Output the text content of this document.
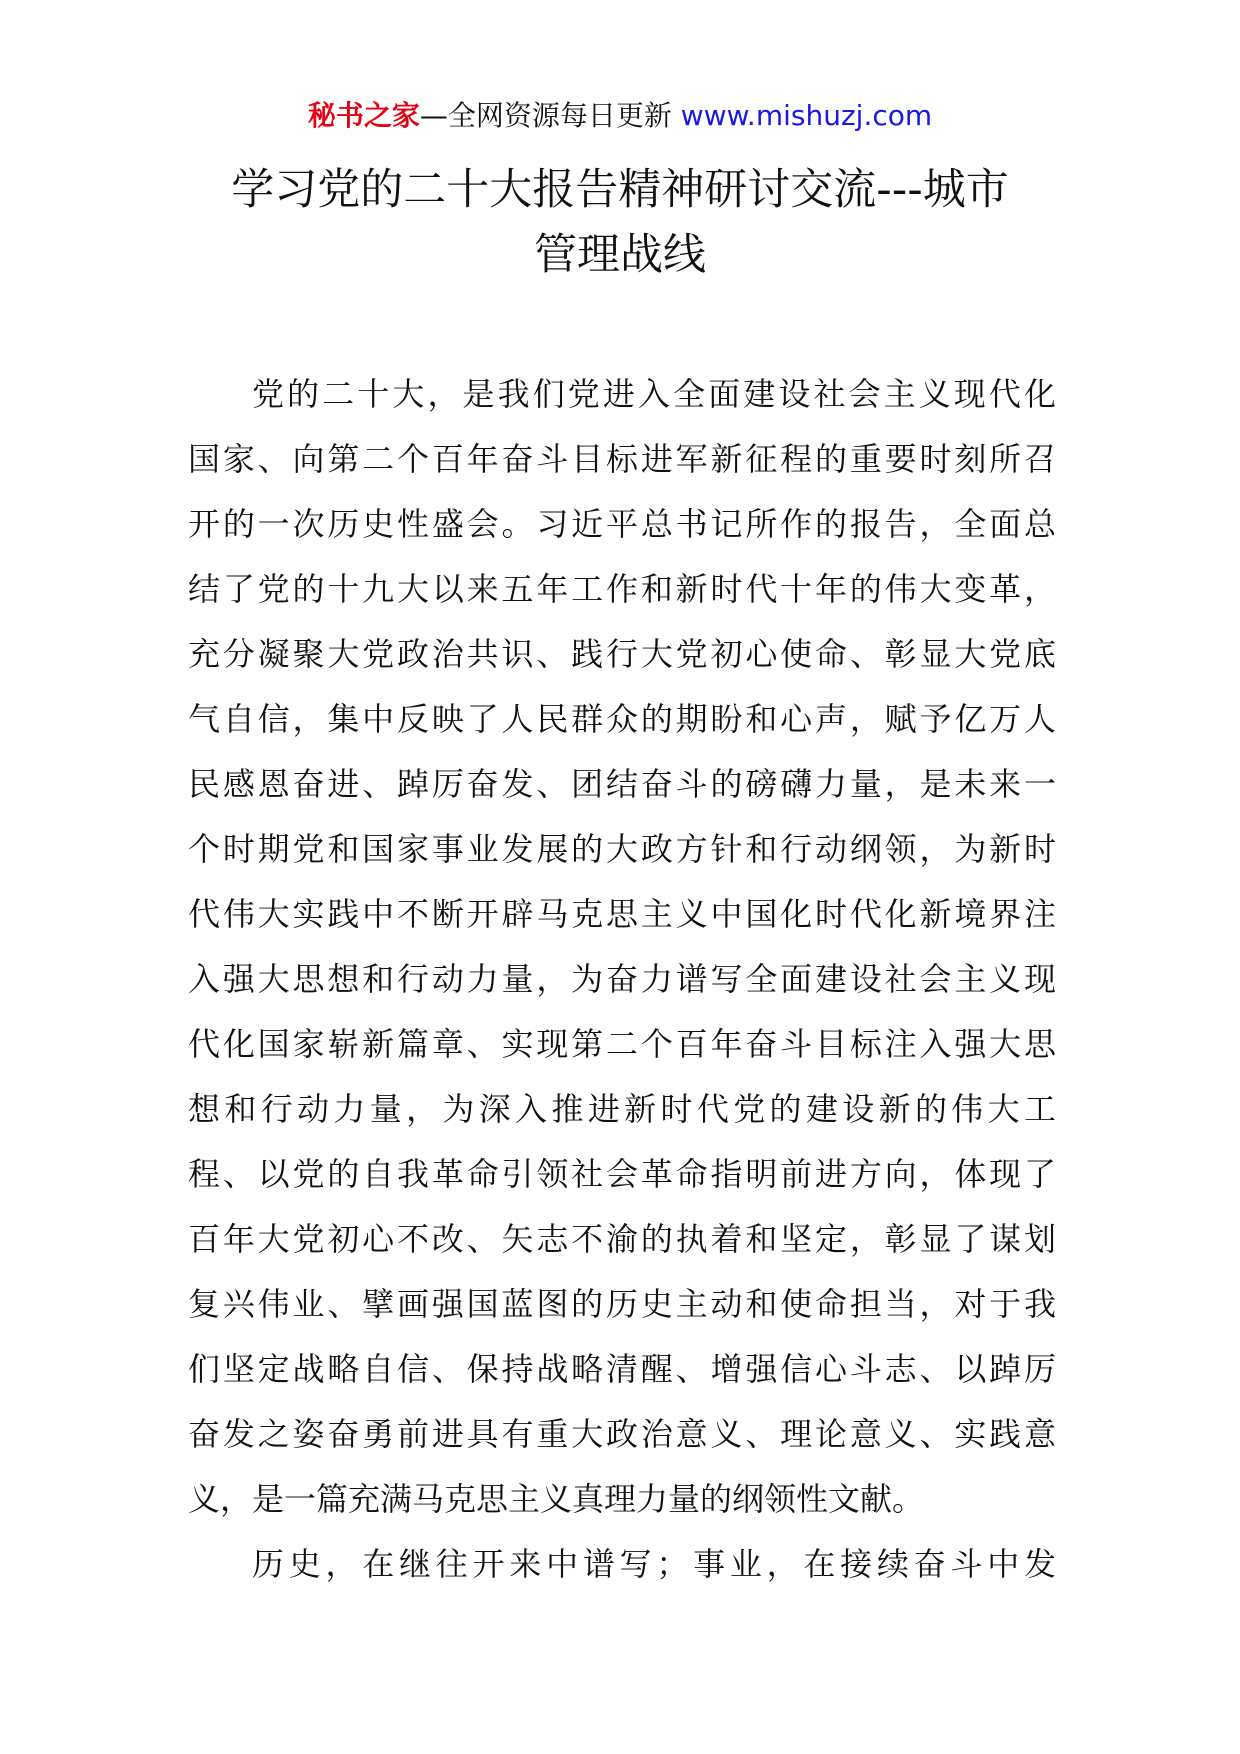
秘书之家—全网资源每日更新 www.mishuzj.com
学习党的二十大报告精神研讨交流---城市
管理战线
党的二十大，是我们党进入全面建设社会主义现代化
国家、向第二个百年奋斗目标进军新征程的重要时刻所召
开的一次历史性盛会。习近平总书记所作的报告，全面总
结了党的十九大以来五年工作和新时代十年的伟大变革，
充分凝聚大党政治共识、践行大党初心使命、彰显大党底
气自信，集中反映了人民群众的期盼和心声，赋予亿万人
民感恩奋进、踔厉奋发、团结奋斗的磅礴力量，是未来一
个时期党和国家事业发展的大政方针和行动纲领，为新时
代伟大实践中不断开辟马克思主义中国化时代化新境界注
入强大思想和行动力量，为奋力谱写全面建设社会主义现
代化国家崭新篇章、实现第二个百年奋斗目标注入强大思
想和行动力量，为深入推进新时代党的建设新的伟大工
程、以党的自我革命引领社会革命指明前进方向，体现了
百年大党初心不改、矢志不渝的执着和坚定，彰显了谋划
复兴伟业、擘画强国蓝图的历史主动和使命担当，对于我
们坚定战略自信、保持战略清醒、增强信心斗志、以踔厉
奋发之姿奋勇前进具有重大政治意义、理论意义、实践意
义，是一篇充满马克思主义真理力量的纲领性文献。
历史，在继往开来中谱写；事业，在接续奋斗中发
